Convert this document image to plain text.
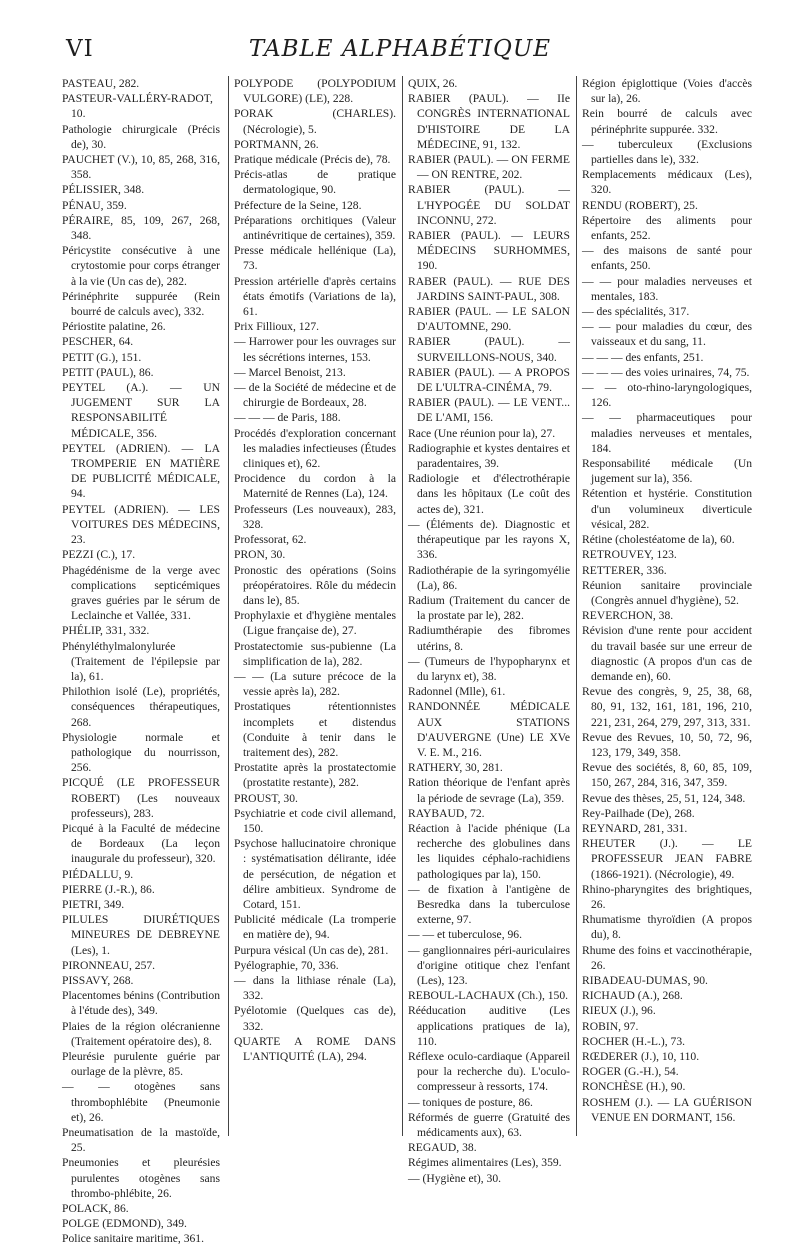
VI	TABLE ALPHABÉTIQUE

PASTEAU, 282.

PASTEUR-VALLÉRY-RADOT, 10.

Pathologie chirurgicale (Précis de), 30.

PAUCHET (V.), 10, 85, 268, 316, 358.

PÉLISSIER, 348.

PÉNAU, 359.

PÉRAIRE, 85, 109, 267, 268, 348.

Péricystite consécutive à une crytostomie pour corps étranger à la vie (Un cas de), 282.

Périnéphrite suppurée (Rein bourré de calculs avec), 332.

Périostite palatine, 26.

PESCHER, 64.

PETIT (G.), 151.

PETIT (PAUL), 86.

PEYTEL (A.). — UN JUGEMENT SUR LA RESPONSABILITÉ MÉDICALE, 356.

PEYTEL (ADRIEN). — LA TROMPERIE EN MATIÈRE DE PUBLICITÉ MÉDICALE, 94.

PEYTEL (ADRIEN). — LES VOITURES DES MÉDECINS, 23.

PEZZI (C.), 17.

Phagédénisme de la verge avec complications septicémiques graves guéries par le sérum de Leclainche et Vallée, 331.

PHÉLIP, 331, 332.

Phényléthylmalonylurée (Traitement de l'épilepsie par la), 61.

Philothion isolé (Le), propriétés, conséquences thérapeutiques, 268.

Physiologie normale et pathologique du nourrisson, 256.

PICQUÉ (LE PROFESSEUR ROBERT) (Les nouveaux professeurs), 283.

Picqué à la Faculté de médecine de Bordeaux (La leçon inaugurale du professeur), 320.

PIÉDALLU, 9.

PIERRE (J.-R.), 86.

PIETRI, 349.

PILULES DIURÉTIQUES MINEURES DE DEBREYNE (Les), 1.

PIRONNEAU, 257.

PISSAVY, 268.

Placentomes bénins (Contribution à l'étude des), 349.

Plaies de la région olécranienne (Traitement opératoire des), 8.

Pleurésie purulente guérie par ourlage de la plèvre, 85.

— — otogènes sans thrombophlébite (Pneumonie et), 26.

Pneumatisation de la mastoïde, 25.

Pneumonies et pleurésies purulentes otogènes sans thrombo-phlébite, 26.

POLACK, 86.

POLGE (EDMOND), 349.

Police sanitaire maritime, 361.

POLYPODE (POLYPODIUM VULGORE) (LE), 228.

PORAK (CHARLES). (Nécrologie), 5.

PORTMANN, 26.

Pratique médicale (Précis de), 78.

Précis-atlas de pratique dermatologique, 90.

Préfecture de la Seine, 128.

Préparations orchitiques (Valeur antinévritique de certaines), 359.

Presse médicale hellénique (La), 73.

Pression artérielle d'après certains états émotifs (Variations de la), 61.

Prix Fillioux, 127.

— Harrower pour les ouvrages sur les sécrétions internes, 153.

— Marcel Benoist, 213.

— de la Société de médecine et de chirurgie de Bordeaux, 28.

— — — de Paris, 188.

Procédés d'exploration concernant les maladies infectieuses (Études cliniques et), 62.

Procidence du cordon à la Maternité de Rennes (La), 124.

Professeurs (Les nouveaux), 283, 328.

Professorat, 62.

PRON, 30.

Pronostic des opérations (Soins préopératoires. Rôle du médecin dans le), 85.

Prophylaxie et d'hygiène mentales (Ligue française de), 27.

Prostatectomie sus-pubienne (La simplification de la), 282.

— — (La suture précoce de la vessie après la), 282.

Prostatiques rétentionnistes incomplets et distendus (Conduite à tenir dans le traitement des), 282.

Prostatite après la prostatectomie (prostatite restante), 282.

PROUST, 30.

Psychiatrie et code civil allemand, 150.

Psychose hallucinatoire chronique : systématisation délirante, idée de persécution, de négation et délire ambitieux. Syndrome de Cotard, 151.

Publicité médicale (La tromperie en matière de), 94.

Purpura vésical (Un cas de), 281.

Pyélographie, 70, 336.

— dans la lithiase rénale (La), 332.

Pyélotomie (Quelques cas de), 332.

QUARTE A ROME DANS L'ANTIQUITÉ (LA), 294.

QUIX, 26.

RABIER (PAUL). — IIe CONGRÈS INTERNATIONAL D'HISTOIRE DE LA MÉDECINE, 91, 132.

RABIER (PAUL). — ON FERME — ON RENTRE, 202.

RABIER (PAUL). — L'HYPOGÉE DU SOLDAT INCONNU, 272.

RABIER (PAUL). — LEURS MÉDECINS SURHOMMES, 190.

RABER (PAUL). — RUE DES JARDINS SAINT-PAUL, 308.

RABIER (PAUL. — LE SALON D'AUTOMNE, 290.

RABIER (PAUL). — SURVEILLONS-NOUS, 340.

RABIER (PAUL). — A PROPOS DE L'ULTRA-CINÉMA, 79.

RABIER (PAUL). — LE VENT... DE L'AMI, 156.

Race (Une réunion pour la), 27.

Radiographie et kystes dentaires et paradentaires, 39.

Radiologie et d'électrothérapie dans les hôpitaux (Le coût des actes de), 321.

— (Éléments de). Diagnostic et thérapeutique par les rayons X, 336.

Radiothérapie de la syringomyélie (La), 86.

Radium (Traitement du cancer de la prostate par le), 282.

Radiumthérapie des fibromes utérins, 8.

— (Tumeurs de l'hypopharynx et du larynx et), 38.

Radonnel (Mlle), 61.

RANDONNÉE MÉDICALE AUX STATIONS D'AUVERGNE (Une) LE XVe V. E. M., 216.

RATHERY, 30, 281.

Ration théorique de l'enfant après la période de sevrage (La), 359.

RAYBAUD, 72.

Réaction à l'acide phénique (La recherche des globulines dans les liquides céphalo-rachidiens pathologiques par la), 150.

— de fixation à l'antigène de Besredka dans la tuberculose externe, 97.

— — et tuberculose, 96.

— ganglionnaires péri-auriculaires d'origine otitique chez l'enfant (Les), 123.

REBOUL-LACHAUX (Ch.), 150.

Rééducation auditive (Les applications pratiques de la), 110.

Réflexe oculo-cardiaque (Appareil pour la recherche du). L'oculo-compresseur à ressorts, 174.

— toniques de posture, 86.

Réformés de guerre (Gratuité des médicaments aux), 63.

REGAUD, 38.

Régimes alimentaires (Les), 359.

— (Hygiène et), 30.

Région épiglottique (Voies d'accès sur la), 26.

Rein bourré de calculs avec périnéphrite suppurée. 332.

— tuberculeux (Exclusions partielles dans le), 332.

Remplacements médicaux (Les), 320.

RENDU (ROBERT), 25.

Répertoire des aliments pour enfants, 252.

— des maisons de santé pour enfants, 250.

— — pour maladies nerveuses et mentales, 183.

— des spécialités, 317.

— — pour maladies du cœur, des vaisseaux et du sang, 11.

— — — des enfants, 251.

— — — des voies urinaires, 74, 75.

— — oto-rhino-laryngologiques, 126.

— — pharmaceutiques pour maladies nerveuses et mentales, 184.

Responsabilité médicale (Un jugement sur la), 356.

Rétention et hystérie. Constitution d'un volumineux diverticule vésical, 282.

Rétine (cholestéatome de la), 60.

RETROUVEY, 123.

RETTERER, 336.

Réunion sanitaire provinciale (Congrès annuel d'hygiène), 52.

REVERCHON, 38.

Révision d'une rente pour accident du travail basée sur une erreur de diagnostic (A propos d'un cas de demande en), 60.

Revue des congrès, 9, 25, 38, 68, 80, 91, 132, 161, 181, 196, 210, 221, 231, 264, 279, 297, 313, 331.

Revue des Revues, 10, 50, 72, 96, 123, 179, 349, 358.

Revue des sociétés, 8, 60, 85, 109, 150, 267, 284, 316, 347, 359.

Revue des thèses, 25, 51, 124, 348.

Rey-Pailhade (De), 268.

REYNARD, 281, 331.

RHEUTER (J.). — LE PROFESSEUR JEAN FABRE (1866-1921). (Nécrologie), 49.

Rhino-pharyngites des brightiques, 26.

Rhumatisme thyroïdien (A propos du), 8.

Rhume des foins et vaccinothérapie, 26.

RIBADEAU-DUMAS, 90.

RICHAUD (A.), 268.

RIEUX (J.), 96.

ROBIN, 97.

ROCHER (H.-L.), 73.

RŒDERER (J.), 10, 110.

ROGER (G.-H.), 54.

RONCHÈSE (H.), 90.

ROSHEM (J.). — LA GUÉRISON VENUE EN DORMANT, 156.
